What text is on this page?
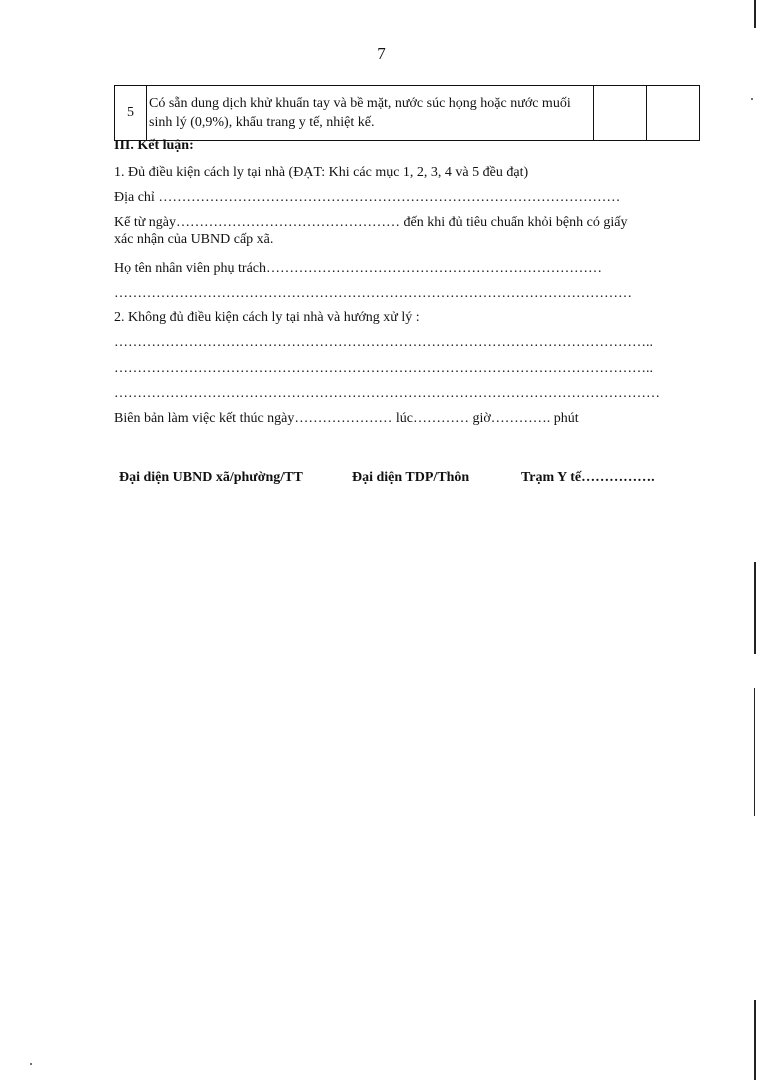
7
5	Có sẵn dung dịch khử khuẩn tay và bề mặt, nước súc họng hoặc nước muối sinh lý (0,9%), khẩu trang y tế, nhiệt kế.		
III. Kết luận:
1. Đủ điều kiện cách ly tại nhà (ĐẠT: Khi các mục 1, 2, 3, 4 và 5 đều đạt)
Địa chỉ ………………………………………………………………………………………
Kể từ ngày………………………………………… đến khi đủ tiêu chuẩn khỏi bệnh có giấy
xác nhận của UBND cấp xã.
Họ tên nhân viên phụ trách………………………………………………………………
…………………………………………………………………………………………………
2. Không đủ điều kiện cách ly tại nhà và hướng xử lý :
……………………………………………………………………………………………………..
……………………………………………………………………………………………………..
………………………………………………………………………………………………………
Biên bản làm việc kết thúc ngày………………… lúc………… giờ…………. phút
Đại diện UBND xã/phường/TT	Đại diện TDP/Thôn	Trạm Y tế…………….
